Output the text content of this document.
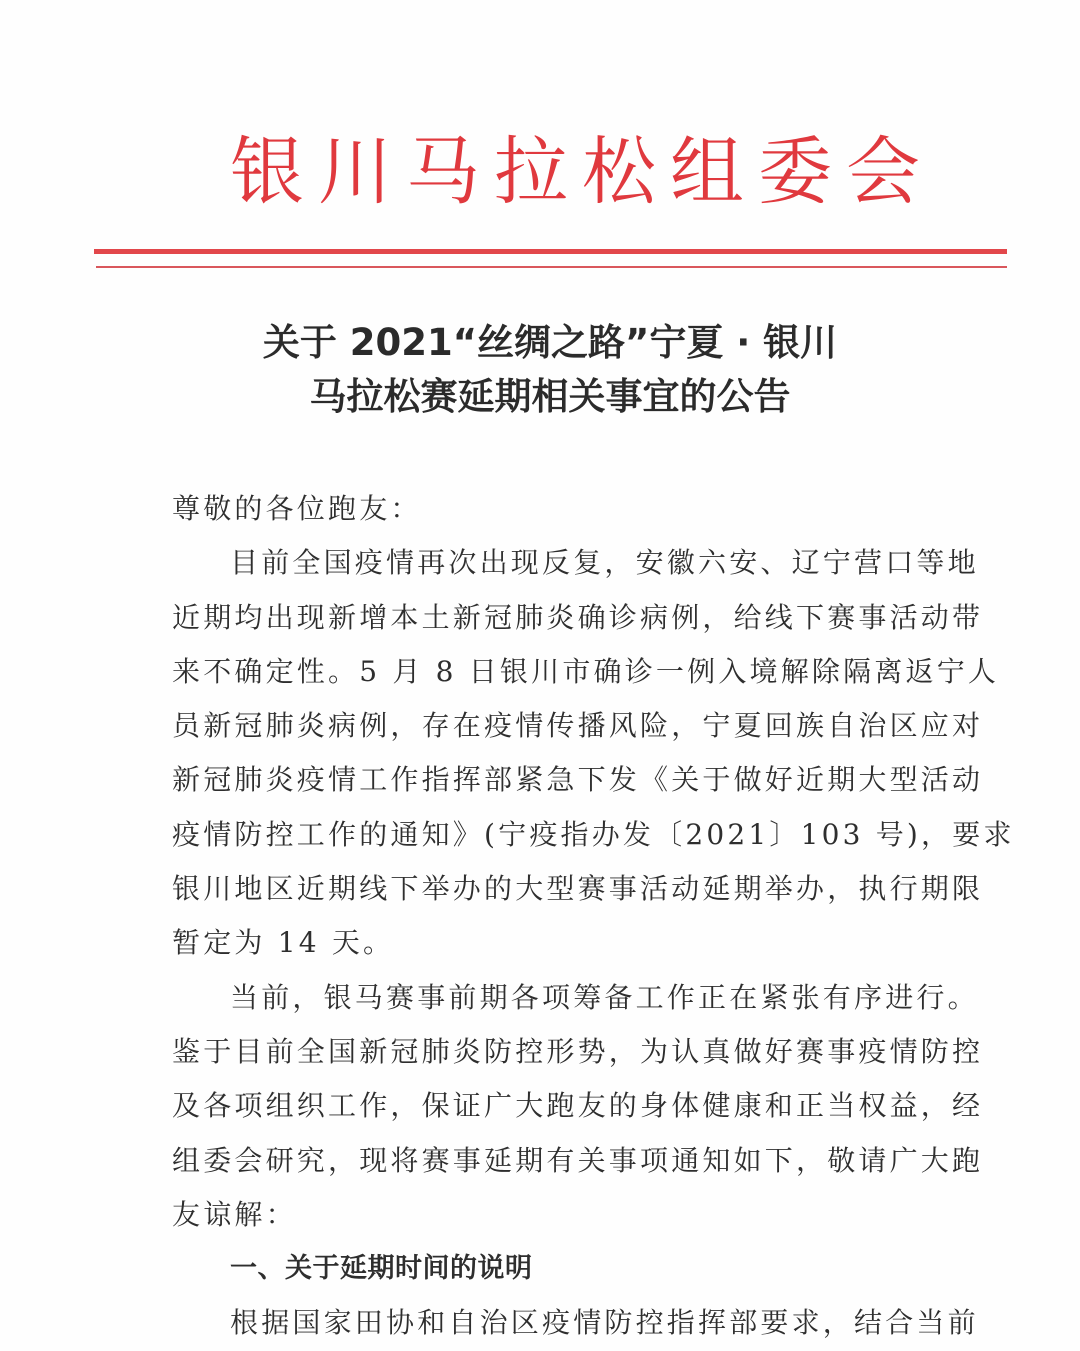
银川马拉松组委会
关于 2021“丝绸之路”宁夏 · 银川
马拉松赛延期相关事宜的公告
尊敬的各位跑友：
目前全国疫情再次出现反复，安徽六安、辽宁营口等地
近期均出现新增本土新冠肺炎确诊病例，给线下赛事活动带
来不确定性。5 月 8 日银川市确诊一例入境解除隔离返宁人
员新冠肺炎病例，存在疫情传播风险，宁夏回族自治区应对
新冠肺炎疫情工作指挥部紧急下发《关于做好近期大型活动
疫情防控工作的通知》(宁疫指办发〔2021〕103 号)，要求
银川地区近期线下举办的大型赛事活动延期举办，执行期限
暂定为 14 天。
当前，银马赛事前期各项筹备工作正在紧张有序进行。
鉴于目前全国新冠肺炎防控形势，为认真做好赛事疫情防控
及各项组织工作，保证广大跑友的身体健康和正当权益，经
组委会研究，现将赛事延期有关事项通知如下，敬请广大跑
友谅解：
一、关于延期时间的说明
根据国家田协和自治区疫情防控指挥部要求，结合当前
